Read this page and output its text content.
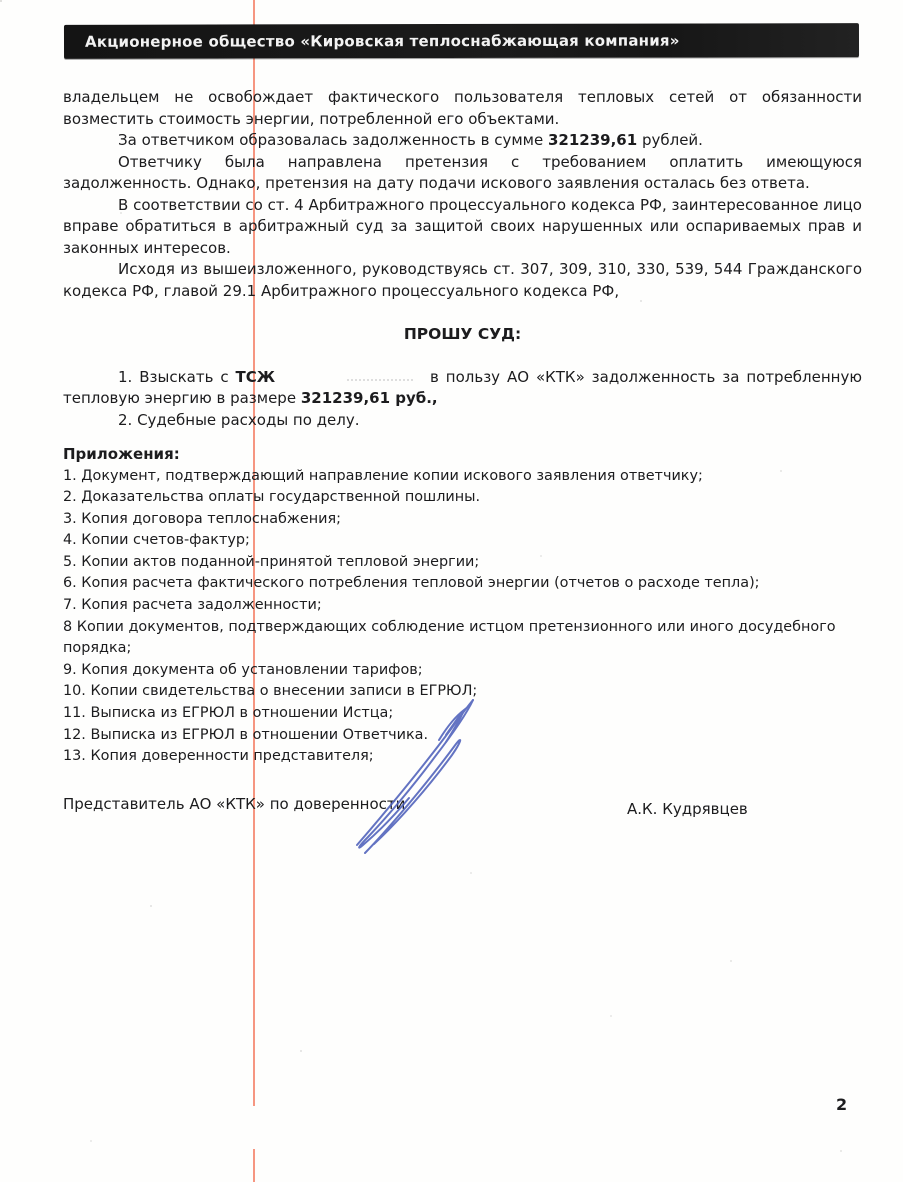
Акционерное общество «Кировская теплоснабжающая компания»

владельцем не освобождает фактического пользователя тепловых сетей от обязанности возместить стоимость энергии, потребленной его объектами.

За ответчиком образовалась задолженность в сумме 321239,61 рублей.

Ответчику была направлена претензия с требованием оплатить имеющуюся задолженность. Однако, претензия на дату подачи искового заявления осталась без ответа.

В соответствии со ст. 4 Арбитражного процессуального кодекса РФ, заинтересованное лицо вправе обратиться в арбитражный суд за защитой своих нарушенных или оспариваемых прав и законных интересов.

Исходя из вышеизложенного, руководствуясь ст. 307, 309, 310, 330, 539, 544 Гражданского кодекса РФ, главой 29.1 Арбитражного процессуального кодекса РФ,

ПРОШУ СУД:

1. Взыскать с ТСЖ	в пользу АО «КТК» задолженность за потребленную тепловую энергию в размере 321239,61 руб.,

2. Судебные расходы по делу.

Приложения:

1. Документ, подтверждающий направление копии искового заявления ответчику;

2. Доказательства оплаты государственной пошлины.

3. Копия договора теплоснабжения;

4. Копии счетов-фактур;

5. Копии актов поданной-принятой тепловой энергии;

6. Копия расчета фактического потребления тепловой энергии (отчетов о расходе тепла);

7. Копия расчета задолженности;

8 Копии документов, подтверждающих соблюдение истцом претензионного или иного досудебного порядка;

9. Копия документа об установлении тарифов;

10. Копии свидетельства о внесении записи в ЕГРЮЛ;

11. Выписка из ЕГРЮЛ в отношении Истца;

12. Выписка из ЕГРЮЛ в отношении Ответчика.

13. Копия доверенности представителя;

Представитель АО «КТК» по доверенности	А.К. Кудрявцев
2
